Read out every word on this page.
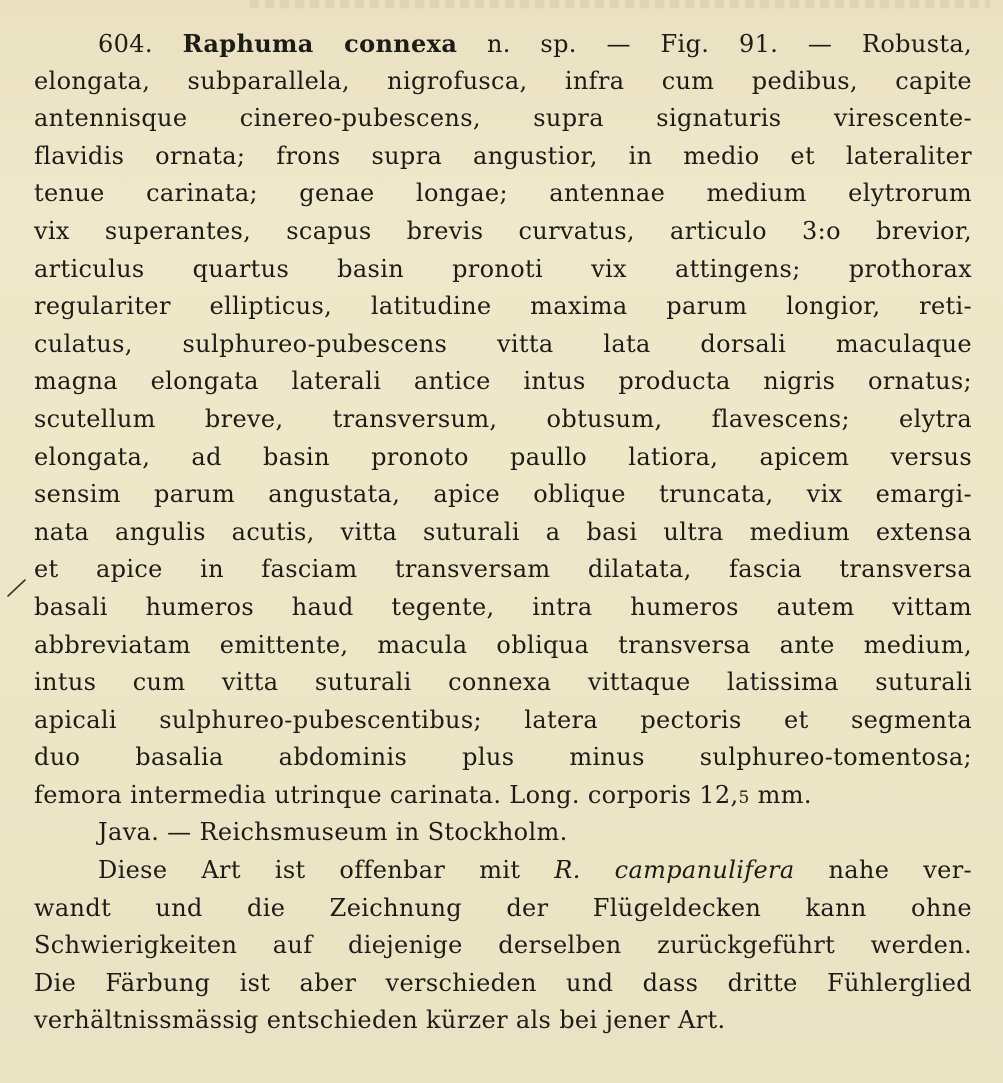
604. Raphuma connexa n. sp. — Fig. 91. — Robusta,
elongata, subparallela, nigrofusca, infra cum pedibus, capite
antennisque cinereo-pubescens, supra signaturis virescente-
flavidis ornata; frons supra angustior, in medio et lateraliter
tenue carinata; genae longae; antennae medium elytrorum
vix superantes, scapus brevis curvatus, articulo 3:o brevior,
articulus quartus basin pronoti vix attingens; prothorax
regulariter ellipticus, latitudine maxima parum longior, reti-
culatus, sulphureo-pubescens vitta lata dorsali maculaque
magna elongata laterali antice intus producta nigris ornatus;
scutellum breve, transversum, obtusum, flavescens; elytra
elongata, ad basin pronoto paullo latiora, apicem versus
sensim parum angustata, apice oblique truncata, vix emargi-
nata angulis acutis, vitta suturali a basi ultra medium extensa
et apice in fasciam transversam dilatata, fascia transversa
basali humeros haud tegente, intra humeros autem vittam
abbreviatam emittente, macula obliqua transversa ante medium,
intus cum vitta suturali connexa vittaque latissima suturali
apicali sulphureo-pubescentibus; latera pectoris et segmenta
duo basalia abdominis plus minus sulphureo-tomentosa;
femora intermedia utrinque carinata. Long. corporis 12,5 mm.
Java. — Reichsmuseum in Stockholm.
Diese Art ist offenbar mit R. campanulifera nahe ver-
wandt und die Zeichnung der Flügeldecken kann ohne
Schwierigkeiten auf diejenige derselben zurückgeführt werden.
Die Färbung ist aber verschieden und dass dritte Fühlerglied
verhältnissmässig entschieden kürzer als bei jener Art.
